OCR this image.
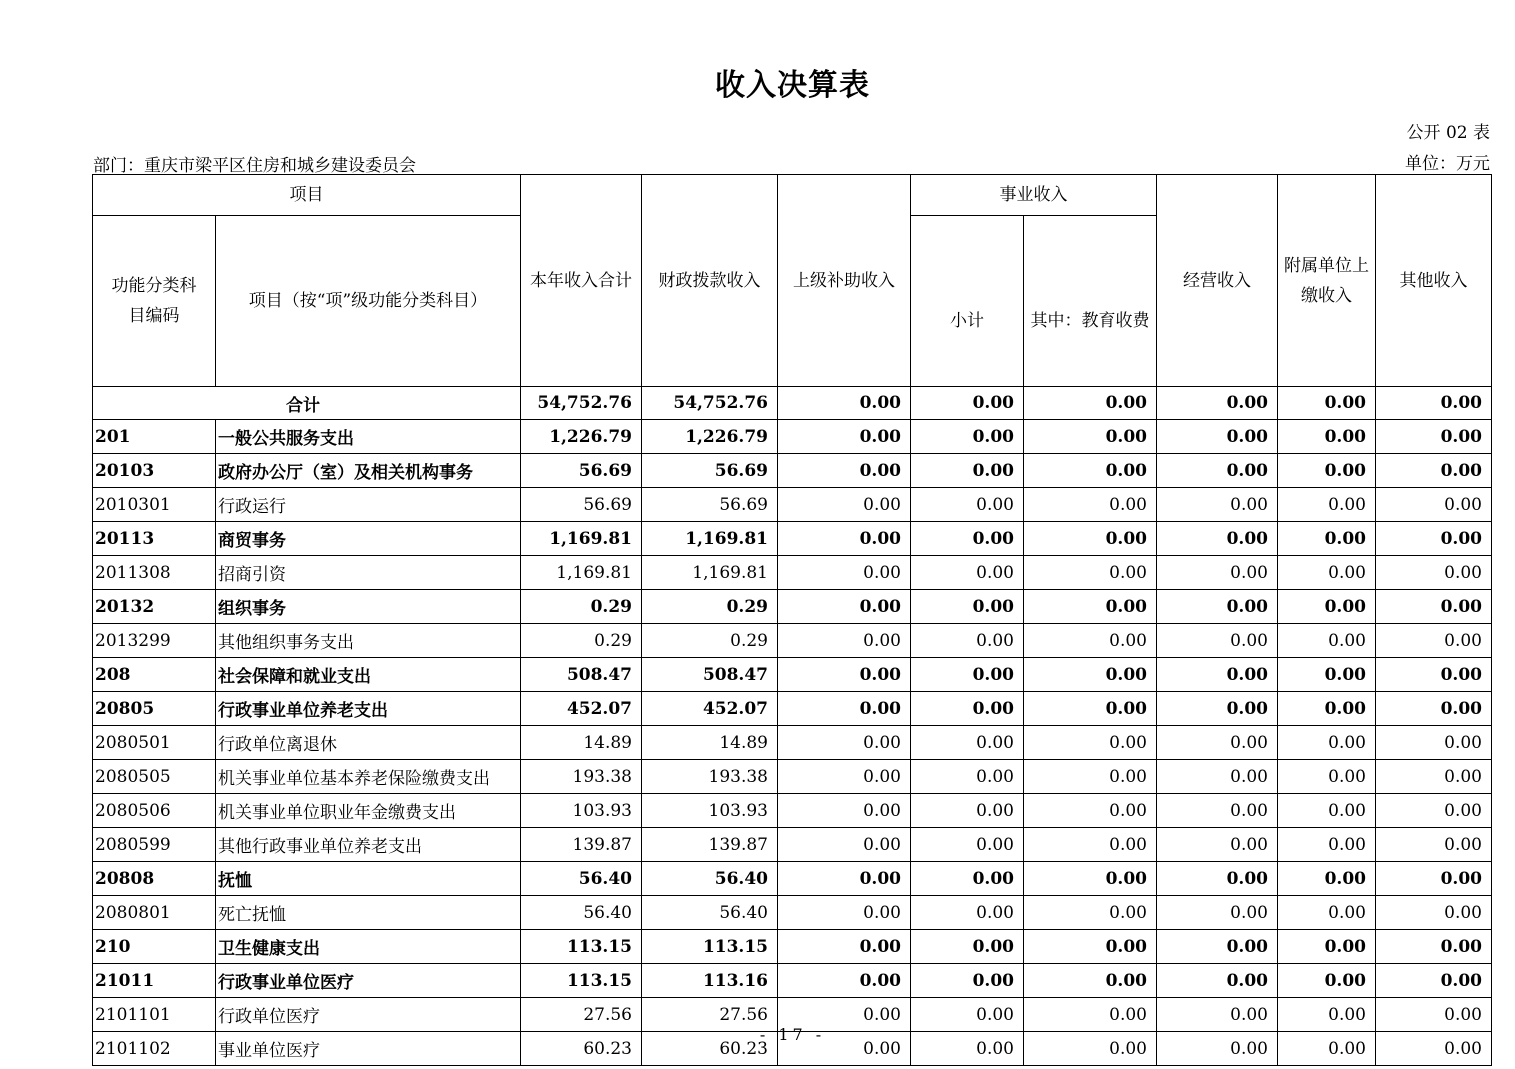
收入决算表
公开 02 表
部门：重庆市梁平区住房和城乡建设委员会	单位：万元
项目		本年收入合计	财政拨款收入	上级补助收入	事业收入		经营收入	附属单位上缴收入	其他收入
功能分类科目编码	项目（按“项”级功能分类科目）				小计	其中：教育收费			
合计		54,752.76	54,752.76	0.00	0.00	0.00	0.00	0.00	0.00
201	一般公共服务支出	1,226.79	1,226.79	0.00	0.00	0.00	0.00	0.00	0.00
20103	政府办公厅（室）及相关机构事务	56.69	56.69	0.00	0.00	0.00	0.00	0.00	0.00
2010301	行政运行	56.69	56.69	0.00	0.00	0.00	0.00	0.00	0.00
20113	商贸事务	1,169.81	1,169.81	0.00	0.00	0.00	0.00	0.00	0.00
2011308	招商引资	1,169.81	1,169.81	0.00	0.00	0.00	0.00	0.00	0.00
20132	组织事务	0.29	0.29	0.00	0.00	0.00	0.00	0.00	0.00
2013299	其他组织事务支出	0.29	0.29	0.00	0.00	0.00	0.00	0.00	0.00
208	社会保障和就业支出	508.47	508.47	0.00	0.00	0.00	0.00	0.00	0.00
20805	行政事业单位养老支出	452.07	452.07	0.00	0.00	0.00	0.00	0.00	0.00
2080501	行政单位离退休	14.89	14.89	0.00	0.00	0.00	0.00	0.00	0.00
2080505	机关事业单位基本养老保险缴费支出	193.38	193.38	0.00	0.00	0.00	0.00	0.00	0.00
2080506	机关事业单位职业年金缴费支出	103.93	103.93	0.00	0.00	0.00	0.00	0.00	0.00
2080599	其他行政事业单位养老支出	139.87	139.87	0.00	0.00	0.00	0.00	0.00	0.00
20808	抚恤	56.40	56.40	0.00	0.00	0.00	0.00	0.00	0.00
2080801	死亡抚恤	56.40	56.40	0.00	0.00	0.00	0.00	0.00	0.00
210	卫生健康支出	113.15	113.15	0.00	0.00	0.00	0.00	0.00	0.00
21011	行政事业单位医疗	113.15	113.16	0.00	0.00	0.00	0.00	0.00	0.00
2101101	行政单位医疗	27.56	27.56	0.00	0.00	0.00	0.00	0.00	0.00
2101102	事业单位医疗	60.23	60.23	0.00	0.00	0.00	0.00	0.00	0.00
- 17 -
